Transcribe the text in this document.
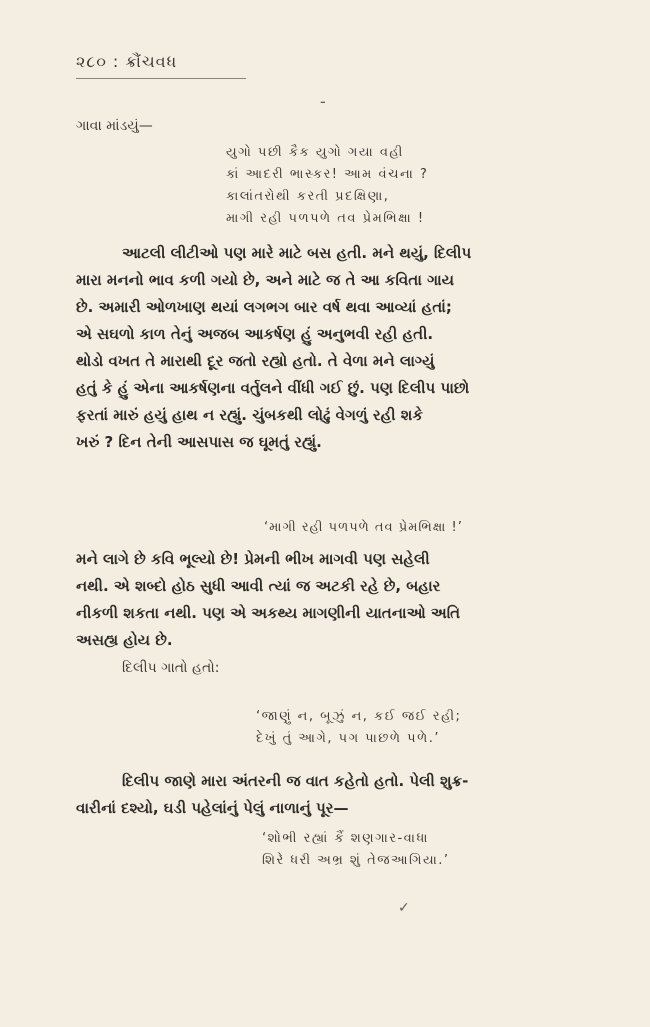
૨૮૦ : ક્રૌંચવધ
-
ગાવા માંડયું—
યુગો પછી કૈક યુગો ગયા વહી
કાં આદરી ભાસ્કર! આમ વંચના ?
કાલાંતરોથી કરતી પ્રદક્ષિણા,
માગી રહી પળપળે તવ પ્રેમભિક્ષા !
આટલી લીટીઓ પણ મારે માટે બસ હતી. મને થયું, દિલીપ
મારા મનનો ભાવ કળી ગયો છે, અને માટે જ તે આ કવિતા ગાય
છે. અમારી ઓળખાણ થયાં લગભગ બાર વર્ષ થવા આવ્યાં હતાં;
એ સઘળો કાળ તેનું અજબ આકર્ષણ હું અનુભવી રહી હતી.
થોડો વખત તે મારાથી દૂર જતો રહ્યો હતો. તે વેળા મને લાગ્યું
હતું કે હું એના આકર્ષણના વર્તુલને વીંધી ગઈ છું. પણ દિલીપ પાછો
ફરતાં મારું હયું હાથ ન રહ્યું. ચુંબકથી લોઢું વેગળું રહી શકે
ખરું ? દિન તેની આસપાસ જ ઘૂમતું રહ્યું.
‘માગી રહી પળપળે તવ પ્રેમભિક્ષા !’
મને લાગે છે કવિ ભૂલ્યો છે! પ્રેમની ભીખ માગવી પણ સહેલી
નથી. એ શબ્દો હોઠ સુધી આવી ત્યાં જ અટકી રહે છે, બહાર
નીકળી શકતા નથી. પણ એ અકથ્ય માગણીની યાતનાઓ અતિ
અસહ્ય હોય છે.
દિલીપ ગાતો હતો:
‘જાણું ન, બૂઝું ન, કઈ જઈ રહી;
દેખું તું આગે, પગ પાછળે પળે.’
દિલીપ જાણે મારા અંતરની જ વાત કહેતો હતો. પેલી શુક્ર-
વારીનાં દશ્યો, ઘડી પહેલાંનું પેલું નાળાનું પૂર—
‘શોભી રહ્યાં કૈં શણગાર-વાધા
શિરે ધરી અભ્ર શું તેજઆગિયા.’
✓
